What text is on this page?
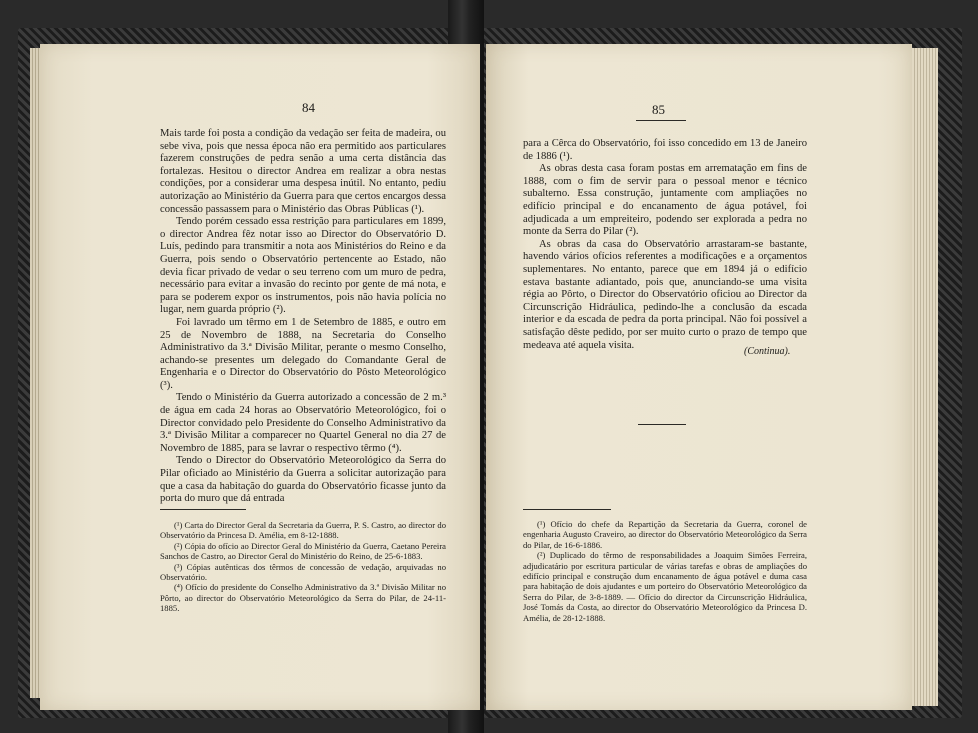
84

Mais tarde foi posta a condição da vedação ser feita de madeira, ou sebe viva, pois que nessa época não era permitido aos particulares fazerem construções de pedra senão a uma certa distância das fortalezas. Hesitou o director Andrea em realizar a obra nestas condições, por a considerar uma despesa inútil. No entanto, pediu autorização ao Ministério da Guerra para que certos encargos dessa concessão passassem para o Ministério das Obras Públicas (¹).

Tendo porém cessado essa restrição para particulares em 1899, o director Andrea fêz notar isso ao Director do Observatório D. Luís, pedindo para transmitir a nota aos Ministérios do Reino e da Guerra, pois sendo o Observatório pertencente ao Estado, não devia ficar privado de vedar o seu terreno com um muro de pedra, necessário para evitar a invasão do recinto por gente de má nota, e para se poderem expor os instrumentos, pois não havia polícia no lugar, nem guarda próprio (²).

Foi lavrado um têrmo em 1 de Setembro de 1885, e outro em 25 de Novembro de 1888, na Secretaria do Conselho Administrativo da 3.ª Divisão Militar, perante o mesmo Conselho, achando-se presentes um delegado do Comandante Geral de Engenharia e o Director do Observatório do Pôsto Meteorológico (³).

Tendo o Ministério da Guerra autorizado a concessão de 2 m.³ de água em cada 24 horas ao Observatório Meteorológico, foi o Director convidado pelo Presidente do Conselho Administrativo da 3.ª Divisão Militar a comparecer no Quartel General no dia 27 de Novembro de 1885, para se lavrar o respectivo têrmo (⁴).

Tendo o Director do Observatório Meteorológico da Serra do Pilar oficiado ao Ministério da Guerra a solicitar autorização para que a casa da habitação do guarda do Observatório ficasse junto da porta do muro que dá entrada

(¹) Carta do Director Geral da Secretaria da Guerra, P. S. Castro, ao director do Observatório da Princesa D. Amélia, em 8-12-1888.

(²) Cópia do ofício ao Director Geral do Ministério da Guerra, Caetano Pereira Sanchos de Castro, ao Director Geral do Ministério do Reino, de 25-6-1883.

(³) Cópias autênticas dos têrmos de concessão de vedação, arquivadas no Observatório.

(⁴) Ofício do presidente do Conselho Administrativo da 3.ª Divisão Militar no Pôrto, ao director do Observatório Meteorológico da Serra do Pilar, de 24-11-1885.

85

para a Cêrca do Observatório, foi isso concedido em 13 de Janeiro de 1886 (¹).

As obras desta casa foram postas em arrematação em fins de 1888, com o fim de servir para o pessoal menor e técnico subalterno. Essa construção, juntamente com ampliações no edifício principal e do encanamento de água potável, foi adjudicada a um empreiteiro, podendo ser explorada a pedra no monte da Serra do Pilar (²).

As obras da casa do Observatório arrastaram-se bastante, havendo vários ofícios referentes a modificações e a orçamentos suplementares. No entanto, parece que em 1894 já o edifício estava bastante adiantado, pois que, anunciando-se uma visita régia ao Pôrto, o Director do Observatório oficiou ao Director da Circunscrição Hidráulica, pedindo-lhe a conclusão da escada interior e da escada de pedra da porta principal. Não foi possível a satisfação dêste pedido, por ser muito curto o prazo de tempo que medeava até aquela visita.

(Continua).

(¹) Ofício do chefe da Repartição da Secretaria da Guerra, coronel de engenharia Augusto Craveiro, ao director do Observatório Meteorológico da Serra do Pilar, de 16-6-1886.

(²) Duplicado do têrmo de responsabilidades a Joaquim Simões Ferreira, adjudicatário por escritura particular de várias tarefas e obras de ampliações do edifício principal e construção dum encanamento de água potável e duma casa para habitação de dois ajudantes e um porteiro do Observatório Meteorológico da Serra do Pilar, de 3-8-1889. — Ofício do director da Circunscrição Hidráulica, José Tomás da Costa, ao director do Observatório Meteorológico da Princesa D. Amélia, de 28-12-1888.
